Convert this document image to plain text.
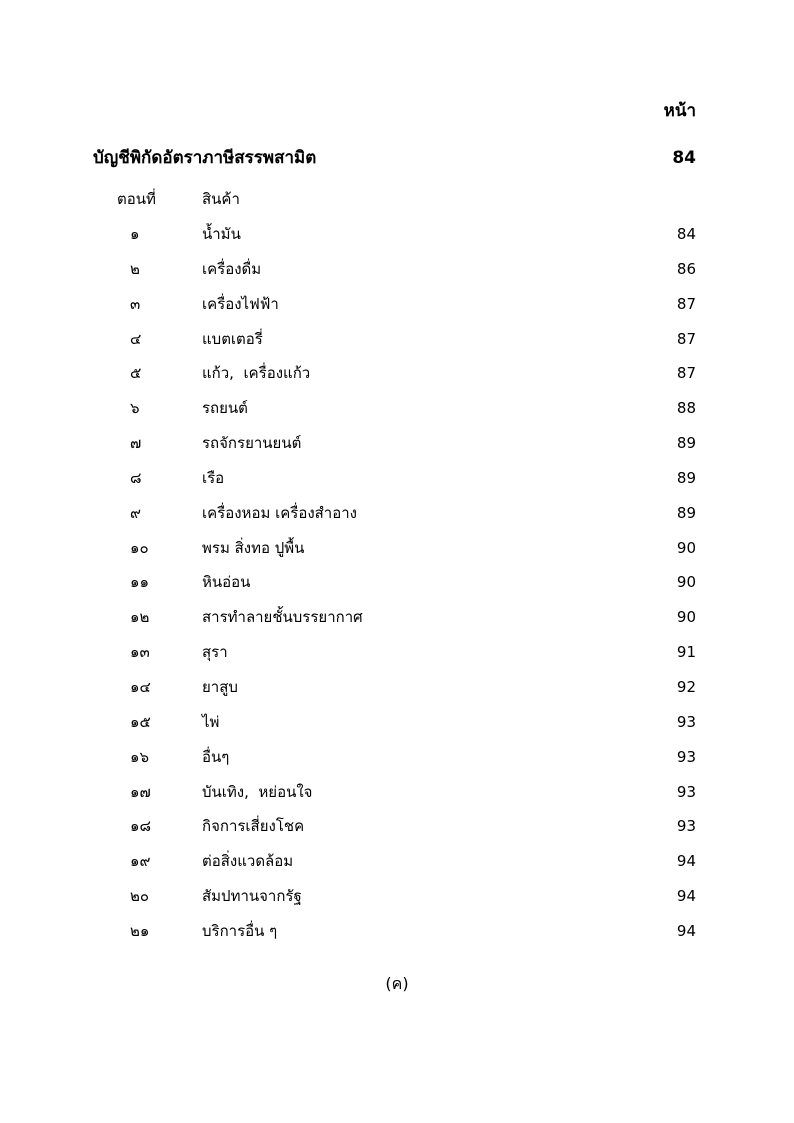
หน้า
บัญชีพิกัดอัตราภาษีสรรพสามิต	84
ตอนที่	สินค้า
๑	น้ำมัน	84
๒	เครื่องดื่ม	86
๓	เครื่องไฟฟ้า	87
๔	แบตเตอรี่	87
๕	แก้ว,  เครื่องแก้ว	87
๖	รถยนต์	88
๗	รถจักรยานยนต์	89
๘	เรือ	89
๙	เครื่องหอม เครื่องสำอาง	89
๑๐	พรม สิ่งทอ ปูพื้น	90
๑๑	หินอ่อน	90
๑๒	สารทำลายชั้นบรรยากาศ	90
๑๓	สุรา	91
๑๔	ยาสูบ	92
๑๕	ไพ่	93
๑๖	อื่นๆ	93
๑๗	บันเทิง,  หย่อนใจ	93
๑๘	กิจการเสี่ยงโชค	93
๑๙	ต่อสิ่งแวดล้อม	94
๒๐	สัมปทานจากรัฐ	94
๒๑	บริการอื่น ๆ	94
(ค)
